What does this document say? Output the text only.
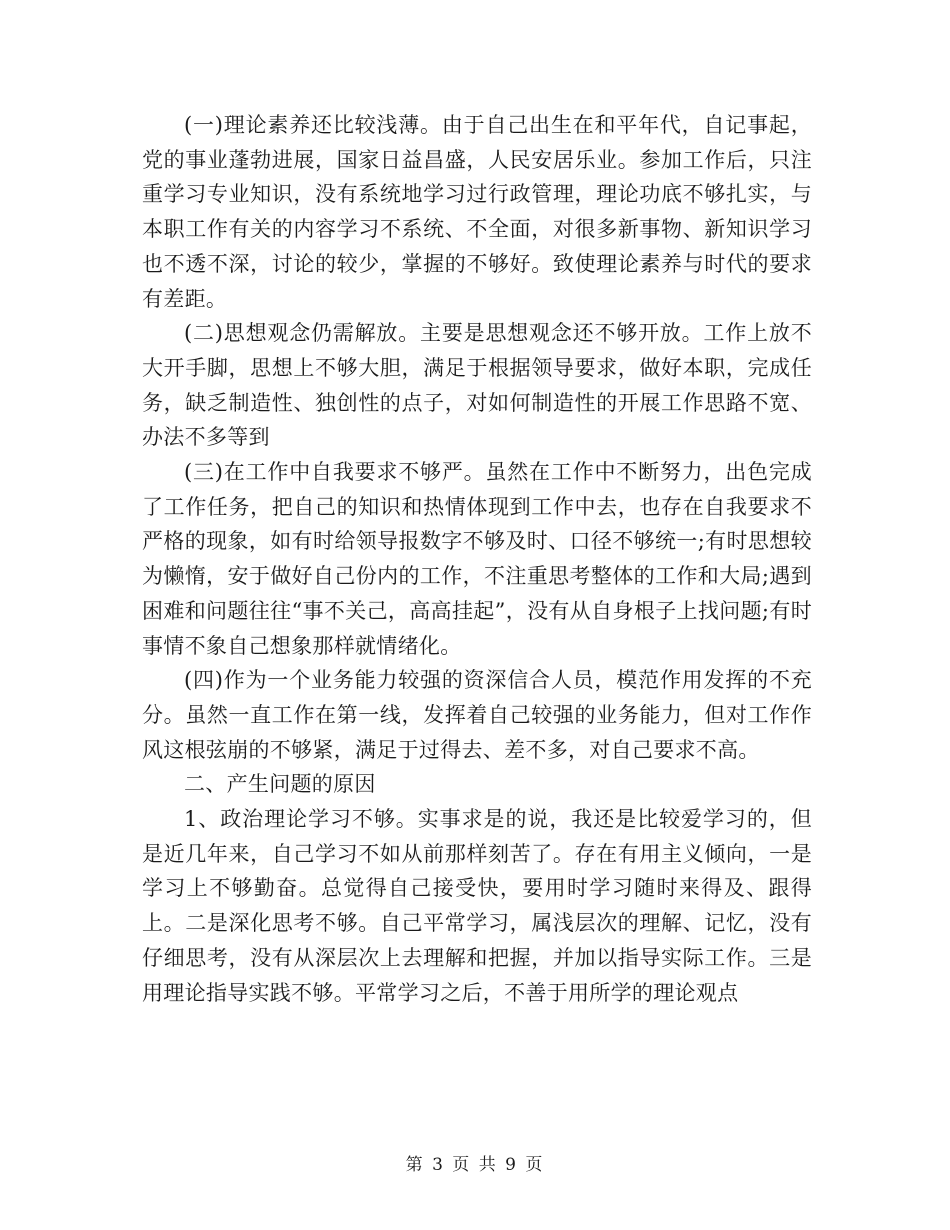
(一)理论素养还比较浅薄。由于自己出生在和平年代，自记事起，党的事业蓬勃进展，国家日益昌盛，人民安居乐业。参加工作后，只注重学习专业知识，没有系统地学习过行政管理，理论功底不够扎实，与本职工作有关的内容学习不系统、不全面，对很多新事物、新知识学习也不透不深，讨论的较少，掌握的不够好。致使理论素养与时代的要求有差距。

(二)思想观念仍需解放。主要是思想观念还不够开放。工作上放不大开手脚，思想上不够大胆，满足于根据领导要求，做好本职，完成任务，缺乏制造性、独创性的点子，对如何制造性的开展工作思路不宽、办法不多等到

(三)在工作中自我要求不够严。虽然在工作中不断努力，出色完成了工作任务，把自己的知识和热情体现到工作中去，也存在自我要求不严格的现象，如有时给领导报数字不够及时、口径不够统一;有时思想较为懒惰，安于做好自己份内的工作，不注重思考整体的工作和大局;遇到困难和问题往往“事不关己，高高挂起”，没有从自身根子上找问题;有时事情不象自己想象那样就情绪化。

(四)作为一个业务能力较强的资深信合人员，模范作用发挥的不充分。虽然一直工作在第一线，发挥着自己较强的业务能力，但对工作作风这根弦崩的不够紧，满足于过得去、差不多，对自己要求不高。

二、产生问题的原因

1、政治理论学习不够。实事求是的说，我还是比较爱学习的，但是近几年来，自己学习不如从前那样刻苦了。存在有用主义倾向，一是学习上不够勤奋。总觉得自己接受快，要用时学习随时来得及、跟得上。二是深化思考不够。自己平常学习，属浅层次的理解、记忆，没有仔细思考，没有从深层次上去理解和把握，并加以指导实际工作。三是用理论指导实践不够。平常学习之后，不善于用所学的理论观点

第 3 页 共 9 页
